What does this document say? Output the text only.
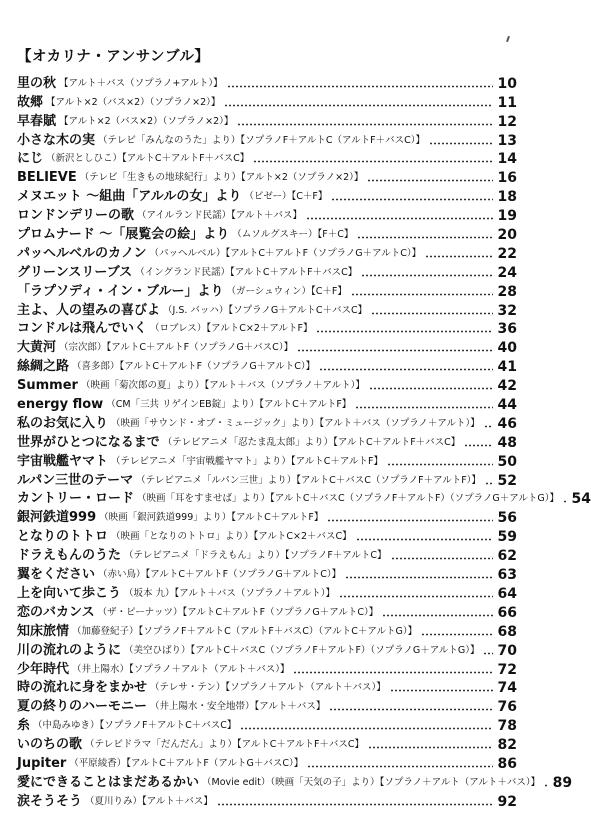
【オカリナ・アンサンブル】
里の秋 【アルト＋バス（ソプラノ+アルト）】	10
故郷 【アルト×2（バス×2）（ソプラノ×2）】	11
早春賦 【アルト×2（バス×2）（ソプラノ×2）】	12
小さな木の実 （テレビ「みんなのうた」より）【ソプラノF＋アルトC（アルトF＋バスC）】	13
にじ （新沢としひこ）【アルトC＋アルトF＋バスC】	14
BELIEVE （テレビ「生きもの地球紀行」より）【アルト×2（ソプラノ×2）】	16
メヌエット 〜組曲「アルルの女」より （ビゼー）【C＋F】	18
ロンドンデリーの歌 （アイルランド民謡）【アルト＋バス】	19
プロムナード 〜「展覧会の絵」より （ムソルグスキー）【F＋C】	20
パッヘルベルのカノン （パッヘルベル）【アルトC＋アルトF（ソプラノG＋アルトC）】	22
グリーンスリーブス （イングランド民謡）【アルトC＋アルトF＋バスC】	24
「ラプソディ・イン・ブルー」より （ガーシュウィン）【C＋F】	28
主よ、人の望みの喜びよ （J.S. バッハ）【ソプラノG＋アルトC＋バスC】	32
コンドルは飛んでいく （ロブレス）【アルトC×2＋アルトF】	36
大黄河 （宗次郎）【アルトC＋アルトF（ソプラノG＋バスC）】	40
絲綢之路 （喜多郎）【アルトC＋アルトF（ソプラノG＋アルトC）】	41
Summer （映画「菊次郎の夏」より）【アルト＋バス（ソプラノ＋アルト）】	42
energy flow （CM「三共 リゲインEB錠」より）【アルトC＋アルトF】	44
私のお気に入り （映画「サウンド・オブ・ミュージック」より）【アルト＋バス（ソプラノ＋アルト）】 46
世界がひとつになるまで （テレビアニメ「忍たま乱太郎」より）【アルトC＋アルトF＋バスC】	48
宇宙戦艦ヤマト （テレビアニメ「宇宙戦艦ヤマト」より）【アルトC＋アルトF】	50
ルパン三世のテーマ （テレビアニメ「ルパン三世」より）【アルトC＋バスC（ソプラノF＋アルトF）】 52
カントリー・ロード （映画「耳をすませば」より）【アルトC＋バスC（ソプラノF＋アルトF）（ソプラノG＋アルトG）】 54
銀河鉄道999 （映画「銀河鉄道999」より）【アルトC＋アルトF】	56
となりのトトロ （映画「となりのトトロ」より）【アルトC×2＋バスC】	59
ドラえもんのうた （テレビアニメ「ドラえもん」より）【ソプラノF＋アルトC】	62
翼をください （赤い鳥）【アルトC＋アルトF（ソプラノG＋アルトC）】	63
上を向いて歩こう （坂本 九）【アルト＋バス（ソプラノ＋アルト）】	64
恋のバカンス （ザ・ピーナッツ）【アルトC＋アルトF（ソプラノG＋アルトC）】	66
知床旅情 （加藤登紀子）【ソプラノF＋アルトC（アルトF＋バスC）（アルトC＋アルトG）】	68
川の流れのように （美空ひばり）【アルトC＋バスC（ソプラノF＋アルトF）（ソプラノG＋アルトG）】 70
少年時代 （井上陽水）【ソプラノ＋アルト（アルト＋バス）】	72
時の流れに身をまかせ （テレサ・テン）【ソプラノ＋アルト（アルト＋バス）】	74
夏の終りのハーモニー （井上陽水・安全地帯）【アルト＋バス】	76
糸 （中島みゆき）【ソプラノF＋アルトC＋バスC】	78
いのちの歌 （テレビドラマ「だんだん」より）【アルトC＋アルトF＋バスC】	82
Jupiter （平原綾香）【アルトC＋アルトF（アルトG＋バスC）】	86
愛にできることはまだあるかい （Movie edit）（映画「天気の子」より）【ソプラノ＋アルト（アルト＋バス）】 89
涙そうそう （夏川りみ）【アルト＋バス】	92
